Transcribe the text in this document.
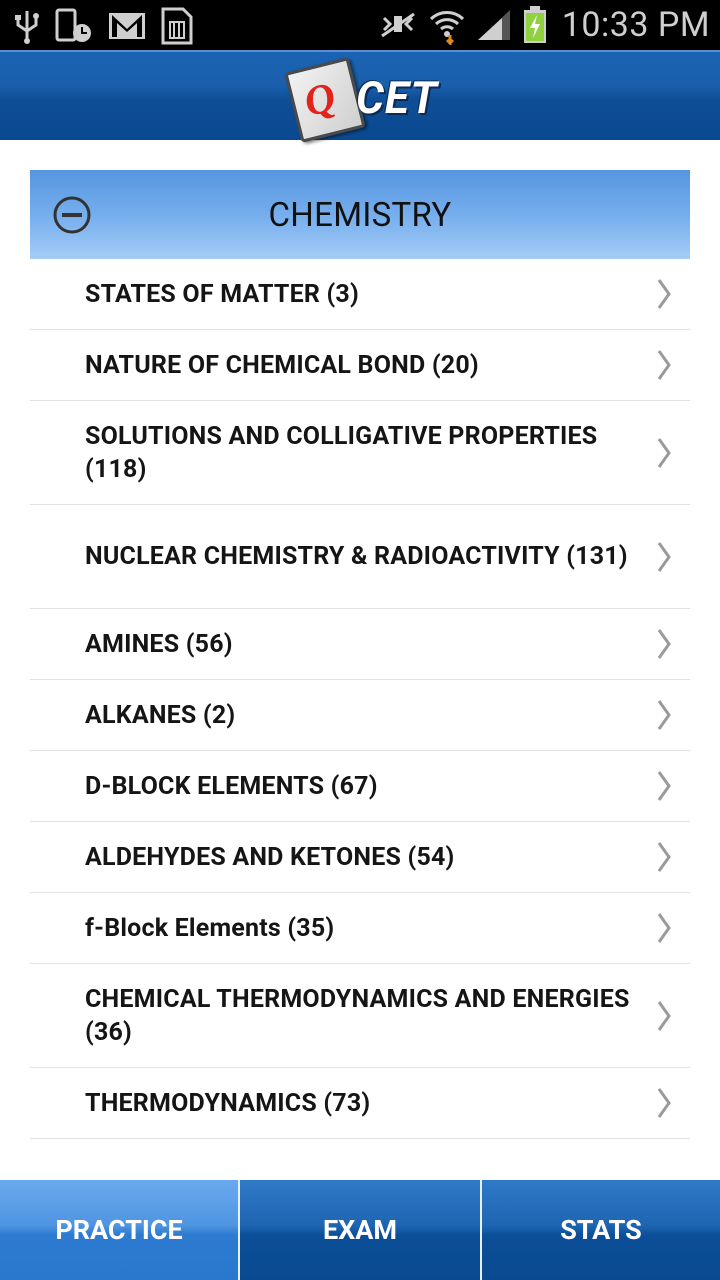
10:33 PM
Q CET
CHEMISTRY
STATES OF MATTER (3)
NATURE OF CHEMICAL BOND (20)
SOLUTIONS AND COLLIGATIVE PROPERTIES (118)
NUCLEAR CHEMISTRY & RADIOACTIVITY (131)
AMINES (56)
ALKANES (2)
D-BLOCK ELEMENTS (67)
ALDEHYDES AND KETONES (54)
f-Block Elements (35)
CHEMICAL THERMODYNAMICS AND ENERGIES (36)
THERMODYNAMICS (73)
PRACTICE	EXAM	STATS
